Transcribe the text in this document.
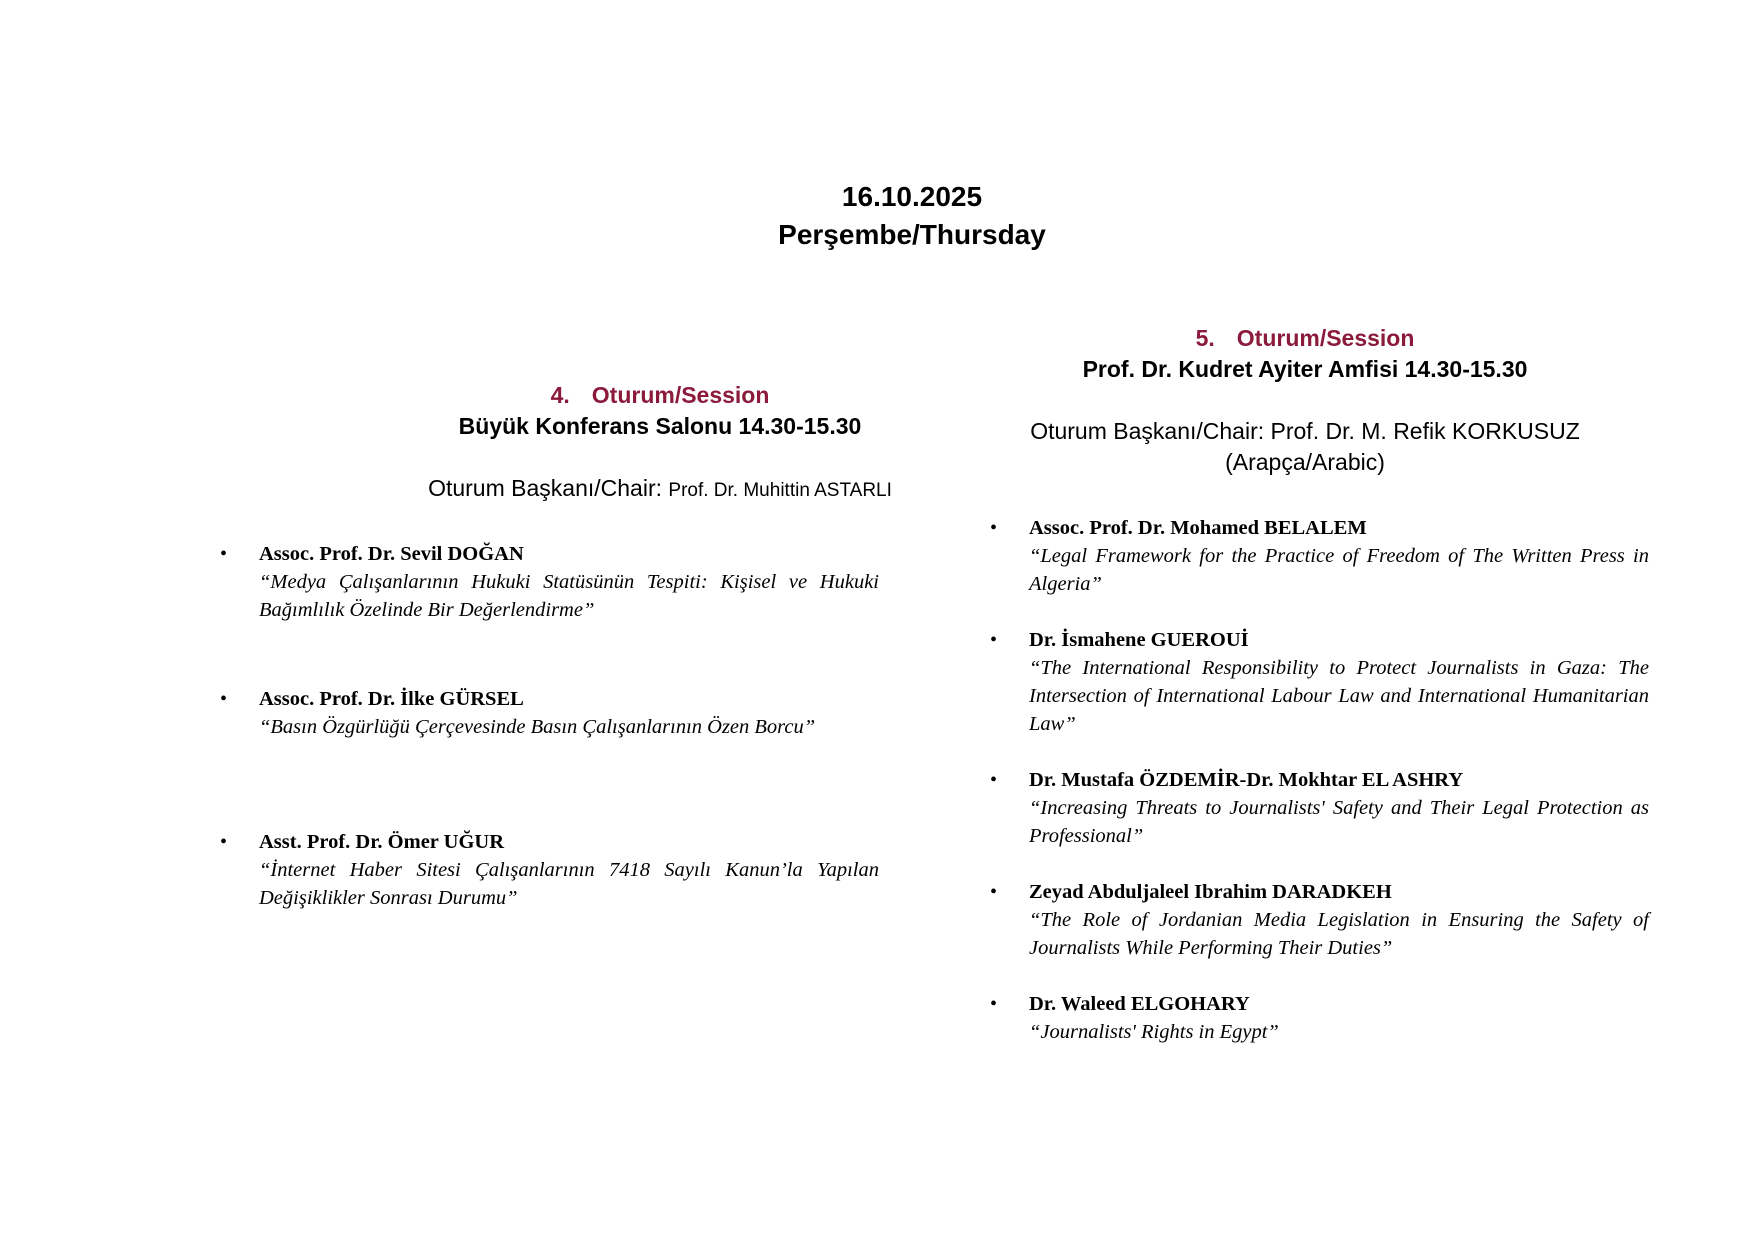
16.10.2025
Perşembe/Thursday
4. Oturum/Session
Büyük Konferans Salonu 14.30-15.30
Oturum Başkanı/Chair: Prof. Dr. Muhittin ASTARLI
• Assoc. Prof. Dr. Sevil DOĞAN
“Medya Çalışanlarının Hukuki Statüsünün Tespiti: Kişisel ve Hukuki Bağımlılık Özelinde Bir Değerlendirme”
• Assoc. Prof. Dr. İlke GÜRSEL
“Basın Özgürlüğü Çerçevesinde Basın Çalışanlarının Özen Borcu”
• Asst. Prof. Dr. Ömer UĞUR
“İnternet Haber Sitesi Çalışanlarının 7418 Sayılı Kanun’la Yapılan Değişiklikler Sonrası Durumu”
5. Oturum/Session
Prof. Dr. Kudret Ayiter Amfisi 14.30-15.30
Oturum Başkanı/Chair: Prof. Dr. M. Refik KORKUSUZ
(Arapça/Arabic)
• Assoc. Prof. Dr. Mohamed BELALEM
“Legal Framework for the Practice of Freedom of The Written Press in Algeria”
• Dr. İsmahene GUEROUİ
“The International Responsibility to Protect Journalists in Gaza: The Intersection of International Labour Law and International Humanitarian Law”
• Dr. Mustafa ÖZDEMİR-Dr. Mokhtar EL ASHRY
“Increasing Threats to Journalists' Safety and Their Legal Protection as Professional”
• Zeyad Abduljaleel Ibrahim DARADKEH
“The Role of Jordanian Media Legislation in Ensuring the Safety of Journalists While Performing Their Duties”
• Dr. Waleed ELGOHARY
“Journalists' Rights in Egypt”
